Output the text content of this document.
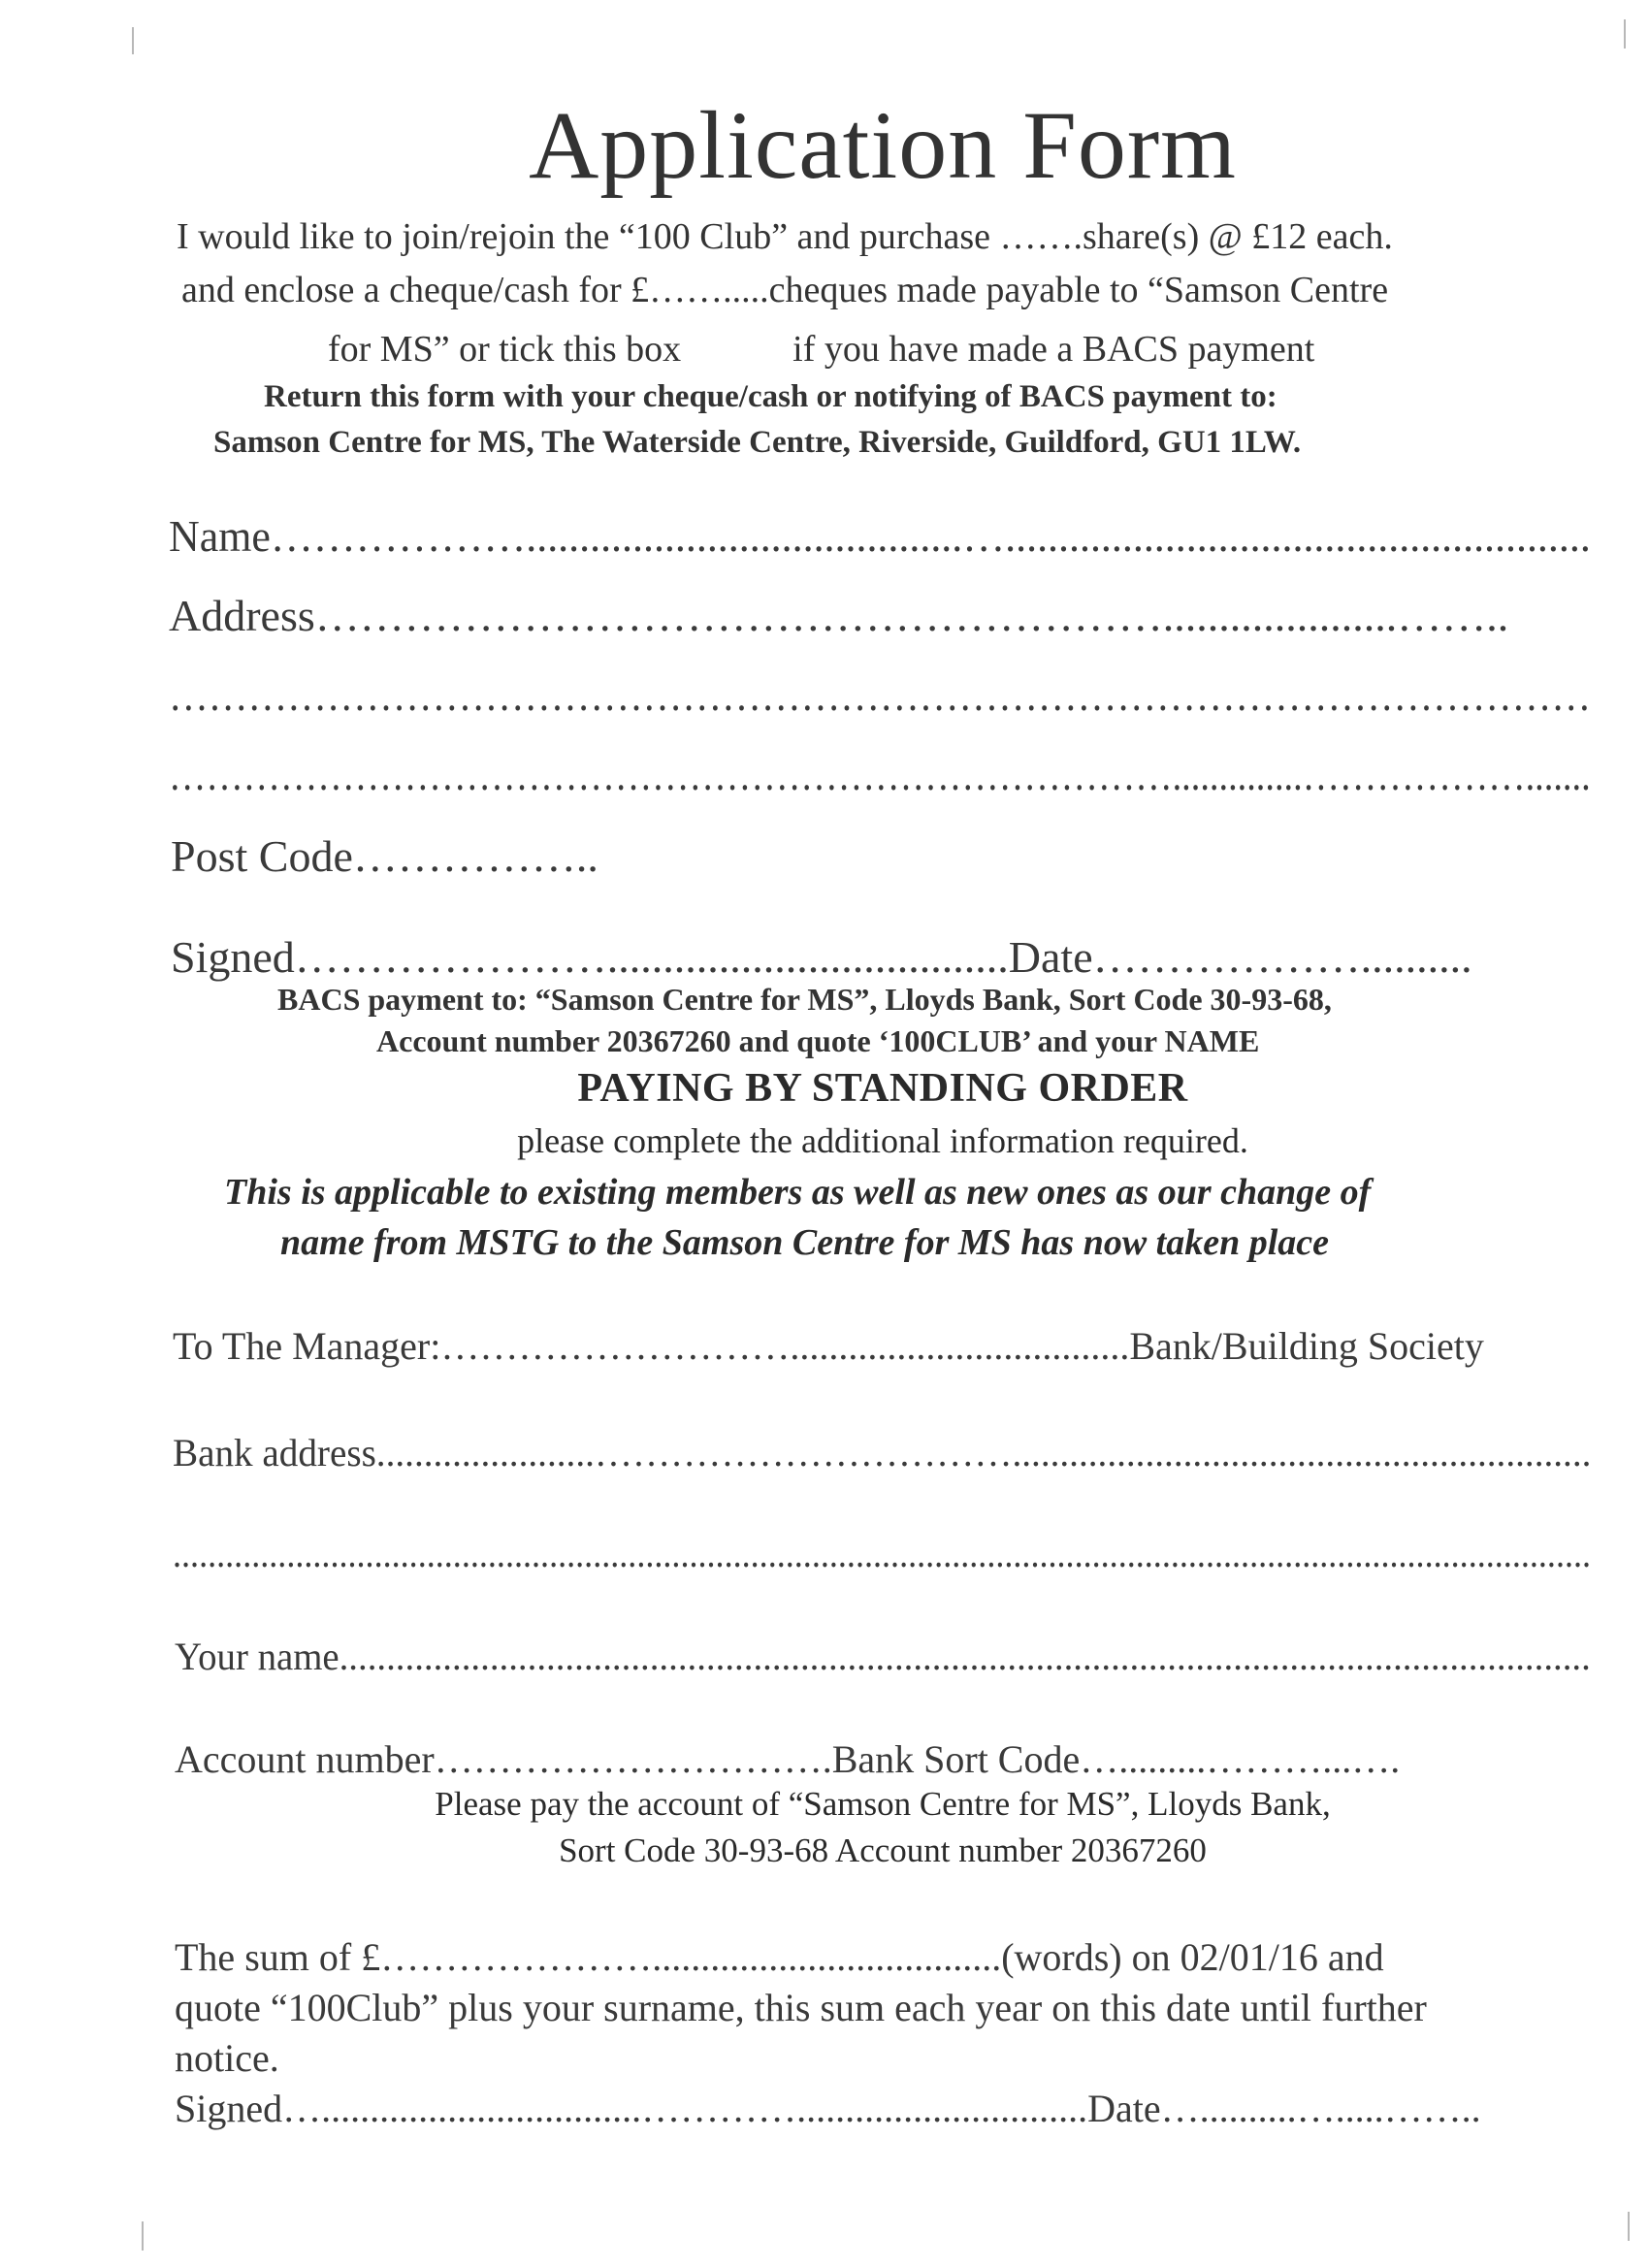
Application Form
I would like to join/rejoin the “100 Club” and purchase …….share(s) @ £12 each.
and enclose a cheque/cash for £…….....cheques made payable to “Samson Centre
for MS” or tick this box	if you have made a BACS payment
Return this form with your cheque/cash or notifying of BACS payment to:
Samson Centre for MS, The Waterside Centre, Riverside, Guildford, GU1 1LW.
Name……………….........................................….......................................................
Address………………………………………………….....................……..
………………………………………………………………………………………………
………………………………………………………………………..............……………….......
Post Code……………..
Signed…………………....................................Date………………..........
BACS payment to: “Samson Centre for MS”, Lloyds Bank, Sort Code 30-93-68,
Account number 20367260 and quote ‘100CLUB’ and your NAME
PAYING BY STANDING ORDER
please complete the additional information required.
This is applicable to existing members as well as new ones as our change of
name from MSTG to the Samson Centre for MS has now taken place
To The Manager:………………………...................................Bank/Building Society
Bank address.......................…………………………….............................................................
..................................................................................................................................................................
Your name.....................................................................................................................................
Account number………………………….Bank Sort Code….........………...….
Please pay the account of “Samson Centre for MS”, Lloyds Bank,
Sort Code 30-93-68 Account number 20367260
The sum of £…………………....................................(words) on 02/01/16 and
quote “100Club” plus your surname, this sum each year on this date until further
notice.
Signed….................................…………..............................Date…..........….....……..
